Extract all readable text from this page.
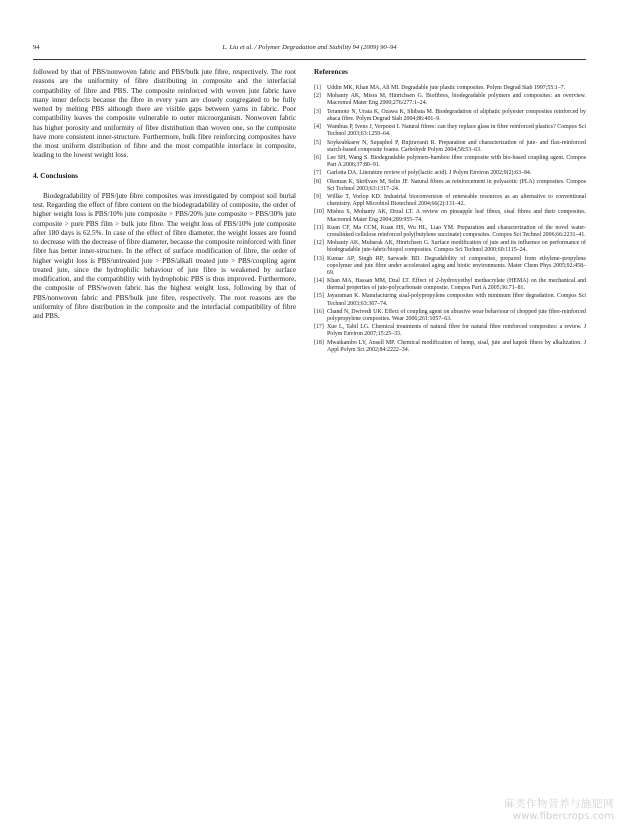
94	L. Liu et al. / Polymer Degradation and Stability 94 (2009) 90–94

followed by that of PBS/nonwoven fabric and PBS/bulk jute fibre, respectively. The root reasons are the uniformity of fibre distributing in composite and the interfacial compatibility of fibre and PBS. The composite reinforced with woven jute fabric have many inner defects because the fibre in every yarn are closely congregated to be fully wetted by melting PBS although there are visible gaps between yarns in fabric. Poor compatibility leaves the composite vulnerable to outer microorganism. Nonwoven fabric has higher porosity and uniformity of fibre distribution than woven one, so the composite have more consistent inner-structure. Furthermore, bulk fibre reinforcing composites have the most uniform distribution of fibre and the most compatible interface in composite, leading to the lowest weight loss.

4. Conclusions

Biodegradability of PBS/jute fibre composites was investigated by compost soil burial test. Regarding the effect of fibre content on the biodegradability of composite, the order of higher weight loss is PBS/10% jute composite > PBS/20% jute composite > PBS/30% jute composite > pure PBS film > bulk jute fibre. The weight loss of PBS/10% jute composite after 180 days is 62.5%. In case of the effect of fibre diameter, the weight losses are found to decrease with the decrease of fibre diameter, because the composite reinforced with finer fibre has better inner-structure. In the effect of surface modification of fibre, the order of higher weight loss is PBS/untreated jute > PBS/alkali treated jute > PBS/coupling agent treated jute, since the hydrophilic behaviour of jute fibre is weakened by surface modification, and the compatibility with hydrophobic PBS is thus improved. Furthermore, the composite of PBS/woven fabric has the highest weight loss, following by that of PBS/nonwoven fabric and PBS/bulk jute fibre, respectively. The root reasons are the uniformity of fibre distribution in the composite and the interfacial compatibility of fibre and PBS.

References
[1]	Uddin MK, Khan MA, Ali MI. Degradable jute plastic composites. Polym Degrad Stab 1997;55:1–7.
[2]	Mohanty AK, Misra M, Hinrichsen G. Biofibres, biodegradable polymers and composites: an overview. Macromol Mater Eng 2000;276/277:1–24.
[3]	Teramoto N, Urata K, Ozawa K, Shibata M. Biodegradation of aliphatic polyester composites reinforced by abaca fibre. Polym Degrad Stab 2004;86:401–9.
[4]	Wambua P, Ivens J, Verpoest I. Natural fibres: can they replace glass in fibre reinforced plastics? Compos Sci Technol 2003;63:1259–64.
[5]	Soykeabkaew N, Supaphol P, Rujiravanit R. Preparation and characterization of jute- and flax-reinforced starch-based composite foams. Carbohydr Polym 2004;58:53–63.
[6]	Lee SH, Wang S. Biodegradable polymers-bamboo fibre composite with bio-based coupling agent. Compos Part A 2006;37:80–91.
[7]	Garlotta DA. Literature review of poly(lactic acid). J Polym Environ 2002;9(2):63–84.
[8]	Oksman K, Skrifvars M, Selin JF. Natural fibres as reinforcement in polyacetic (PLA) composites. Compos Sci Technol 2003;63:1317–24.
[9]	Willke T, Vorlop KD. Industrial bioconversion of renewable resources as an alternative to conventional chemistry. Appl Microbiol Biotechnol 2004;66(2):131–42.
[10] Mishra S, Mohanty AK, Drzal LT. A review on pineapple leaf fibres, sisal fibres and their composites. Macromol Mater Eng 2004;289:955–74.
[11] Kuan CF, Ma CCM, Kuan HS, Wu HL, Liao YM. Preparation and characterization of the novel water-crosslinked cellulose reinforced poly(butylene succinate) composites. Compos Sci Technol 2006;66:2231–41.
[12] Mohanty AK, Mubarak AK, Hinrichsen G. Surface modification of jute and its influence on performance of biodegradable jute-fabric/biopol composites. Compos Sci Technol 2000;60:1115–24.
[13] Kumar AP, Singh RP, Sarwade BD. Degradability of composites, prepared from ethylene–propylene copolymer and jute fibre under accelerated aging and biotic environments. Mater Chem Phys 2005;92:458–69.
[14] Khan MA, Hassan MM, Dzal LT. Effect of 2-hydroxyethyl methacrylate (HEMA) on the mechanical and thermal properties of jute-polycarbonate composite. Compos Part A 2005;36:71–81.
[15] Jayaraman K. Manufacturing sisal-polypropylene composites with minimum fibre degradation. Compos Sci Technol 2003;63:367–74.
[16] Chand N, Dwivedi UK. Effect of coupling agent on abrasive wear behaviour of chopped jute fibre-reinforced polypropylene composites. Wear 2006;261:1057–63.
[17] Xue L, Tabil LG. Chemical treatments of natural fibre for natural fibre reinforced composites: a review. J Polym Environ 2007;15:25–33.
[18] Mwaikambo LY, Ansell MP. Chemical modification of hemp, sisal, jute and kapok fibers by alkalization. J Appl Polym Sci 2002;84:2222–34.
麻类作物营养与施肥网
www.fibercrops.com
